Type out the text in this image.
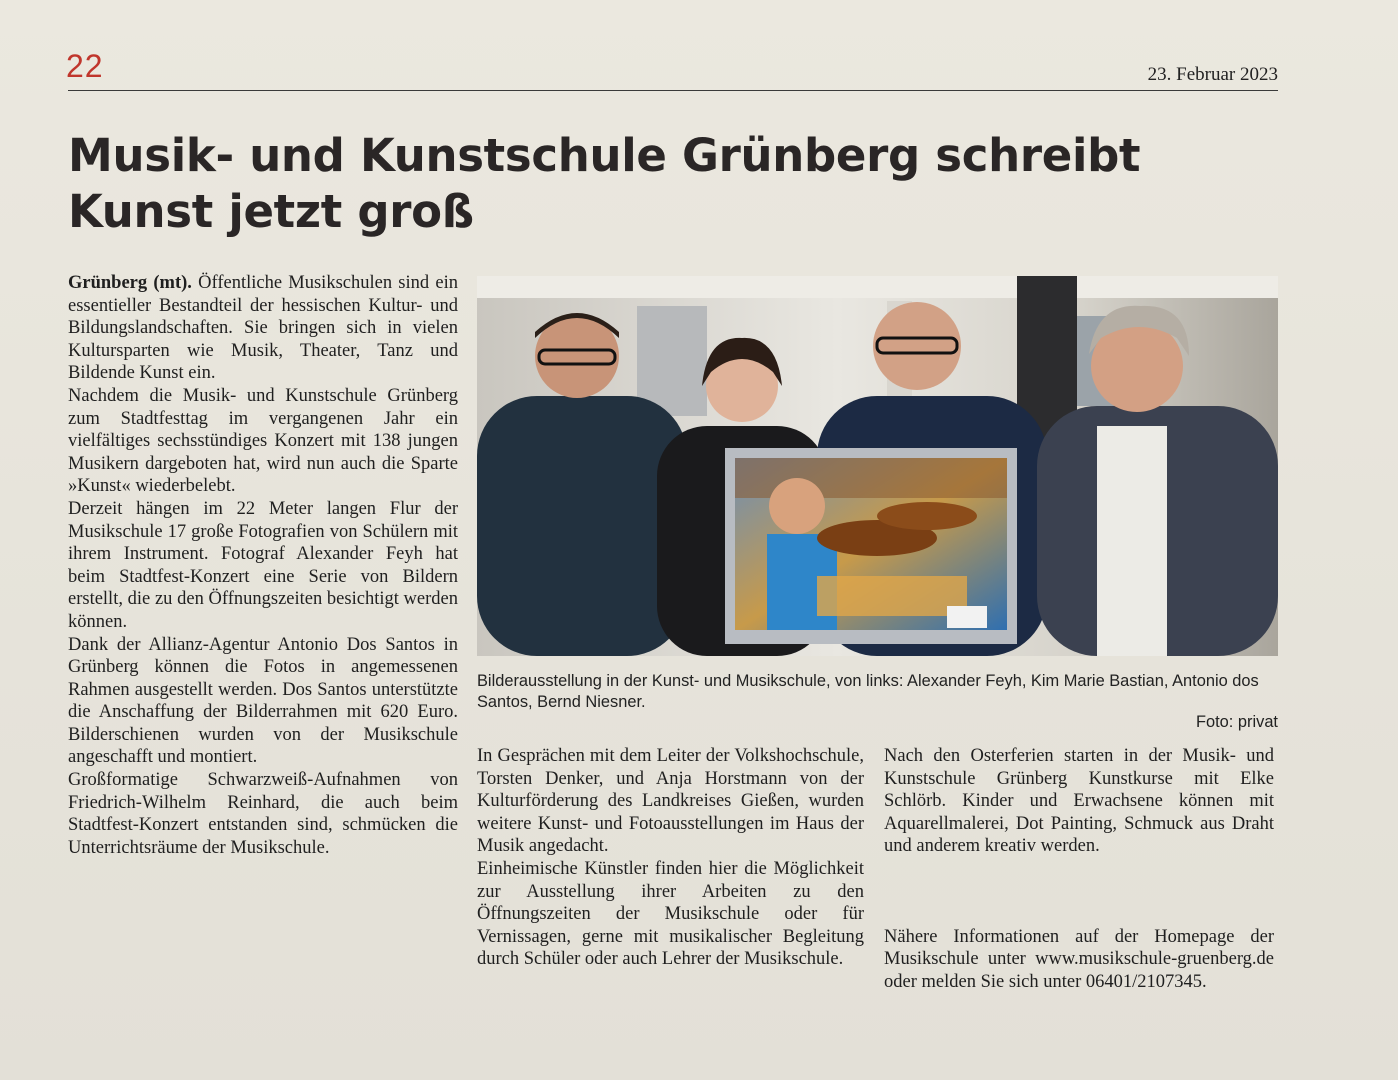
22	23. Februar 2023
Musik- und Kunstschule Grünberg schreibt
Kunst jetzt groß

Grünberg (mt). Öffentliche Musikschulen sind ein essentieller Bestandteil der hessischen Kultur- und Bildungslandschaften. Sie bringen sich in vielen Kultursparten wie Musik, Theater, Tanz und Bildende Kunst ein.

Nachdem die Musik- und Kunstschule Grünberg zum Stadtfesttag im vergangenen Jahr ein vielfältiges sechsstündiges Konzert mit 138 jungen Musikern dargeboten hat, wird nun auch die Sparte »Kunst« wiederbelebt.

Derzeit hängen im 22 Meter langen Flur der Musikschule 17 große Fotografien von Schülern mit ihrem Instrument. Fotograf Alexander Feyh hat beim Stadtfest-Konzert eine Serie von Bildern erstellt, die zu den Öffnungszeiten besichtigt werden können.

Dank der Allianz-Agentur Antonio Dos Santos in Grünberg können die Fotos in angemessenen Rahmen ausgestellt werden. Dos Santos unterstützte die Anschaffung der Bilderrahmen mit 620 Euro. Bilderschienen wurden von der Musikschule angeschafft und montiert.

Großformatige Schwarzweiß-Aufnahmen von Friedrich-Wilhelm Reinhard, die auch beim Stadtfest-Konzert entstanden sind, schmücken die Unterrichtsräume der Musikschule.

Bilderausstellung in der Kunst- und Musikschule, von links: Alexander Feyh, Kim Marie Bastian, Antonio dos Santos, Bernd Niesner.
Foto: privat

In Gesprächen mit dem Leiter der Volkshochschule, Torsten Denker, und Anja Horstmann von der Kulturförderung des Landkreises Gießen, wurden weitere Kunst- und Fotoausstellungen im Haus der Musik angedacht.

Einheimische Künstler finden hier die Möglichkeit zur Ausstellung ihrer Arbeiten zu den Öffnungszeiten der Musikschule oder für Vernissagen, gerne mit musikalischer Begleitung durch Schüler oder auch Lehrer der Musikschule.

Nach den Osterferien starten in der Musik- und Kunstschule Grünberg Kunstkurse mit Elke Schlörb. Kinder und Erwachsene können mit Aquarellmalerei, Dot Painting, Schmuck aus Draht und anderem kreativ werden.

Nähere Informationen auf der Homepage der Musikschule unter www.musikschule-gruenberg.de oder melden Sie sich unter 06401/2107345.
